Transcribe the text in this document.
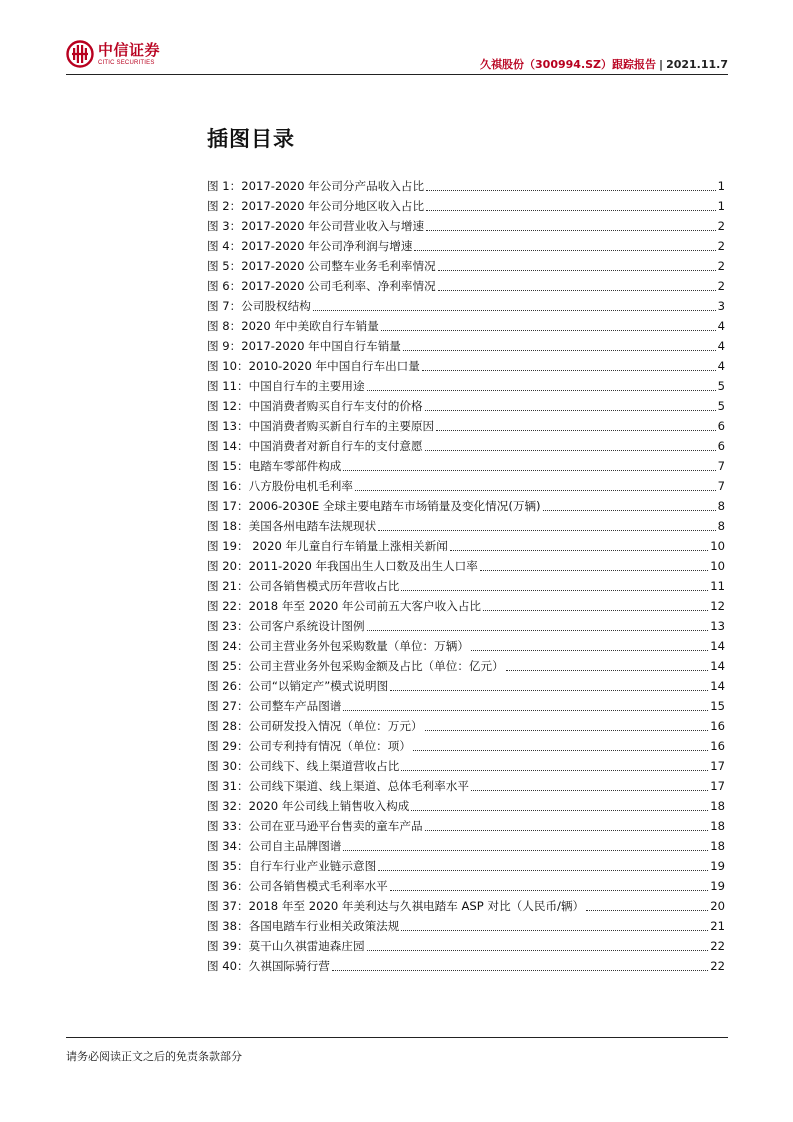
中信证券
CITIC SECURITIES	久祺股份（300994.SZ）跟踪报告 | 2021.11.7
插图目录
图 1：2017-2020 年公司分产品收入占比	1
图 2：2017-2020 年公司分地区收入占比	1
图 3：2017-2020 年公司营业收入与增速	2
图 4：2017-2020 年公司净利润与增速	2
图 5：2017-2020 公司整车业务毛利率情况	2
图 6：2017-2020 公司毛利率、净利率情况	2
图 7：公司股权结构	3
图 8：2020 年中美欧自行车销量	4
图 9：2017-2020 年中国自行车销量	4
图 10：2010-2020 年中国自行车出口量	4
图 11：中国自行车的主要用途	5
图 12：中国消费者购买自行车支付的价格	5
图 13：中国消费者购买新自行车的主要原因	6
图 14：中国消费者对新自行车的支付意愿	6
图 15：电踏车零部件构成	7
图 16：八方股份电机毛利率	7
图 17：2006-2030E 全球主要电踏车市场销量及变化情况(万辆)	8
图 18：美国各州电踏车法规现状	8
图 19： 2020 年儿童自行车销量上涨相关新闻	10
图 20：2011-2020 年我国出生人口数及出生人口率	10
图 21：公司各销售模式历年营收占比	11
图 22：2018 年至 2020 年公司前五大客户收入占比	12
图 23：公司客户系统设计图例	13
图 24：公司主营业务外包采购数量（单位：万辆）	14
图 25：公司主营业务外包采购金额及占比（单位：亿元）	14
图 26：公司“以销定产”模式说明图	14
图 27：公司整车产品图谱	15
图 28：公司研发投入情况（单位：万元）	16
图 29：公司专利持有情况（单位：项）	16
图 30：公司线下、线上渠道营收占比	17
图 31：公司线下渠道、线上渠道、总体毛利率水平	17
图 32：2020 年公司线上销售收入构成	18
图 33：公司在亚马逊平台售卖的童车产品	18
图 34：公司自主品牌图谱	18
图 35：自行车行业产业链示意图	19
图 36：公司各销售模式毛利率水平	19
图 37：2018 年至 2020 年美利达与久祺电踏车 ASP 对比（人民币/辆）	20
图 38：各国电踏车行业相关政策法规	21
图 39：莫干山久祺雷迪森庄园	22
图 40：久祺国际骑行营	22
请务必阅读正文之后的免责条款部分
